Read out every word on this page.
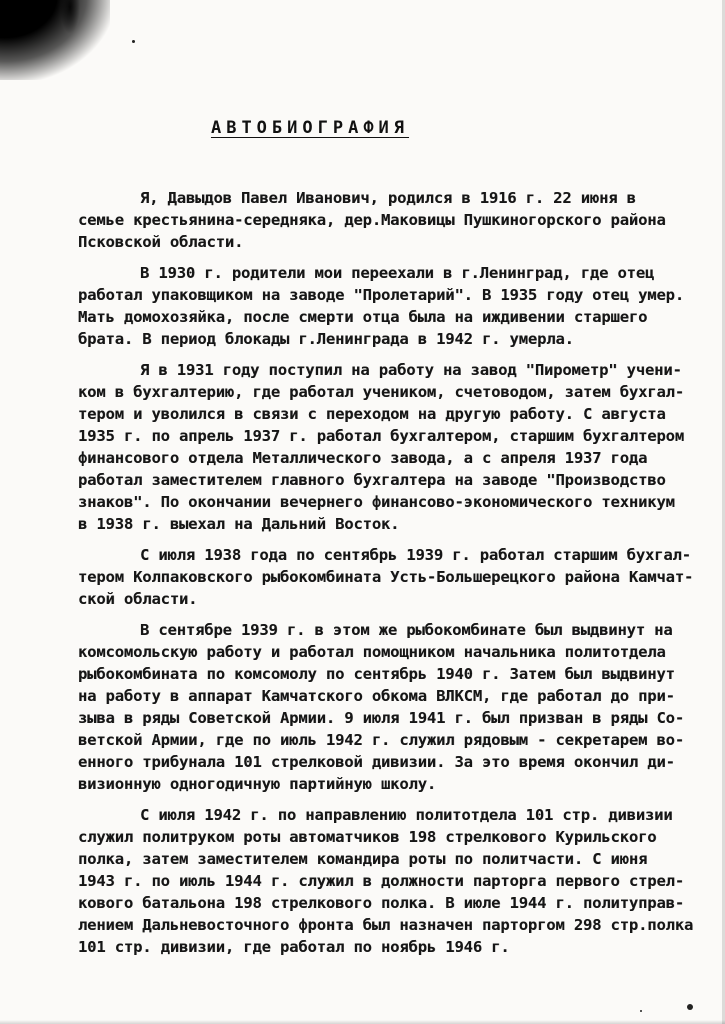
АВТОБИОГРАФИЯ
Я, Давыдов Павел Иванович, родился в 1916 г. 22 июня в
семье крестьянина-середняка, дер.Маковицы Пушкиногорского района
Псковской области.
В 1930 г. родители мои переехали в г.Ленинград, где отец
работал упаковщиком на заводе "Пролетарий". В 1935 году отец умер.
Мать домохозяйка, после смерти отца была на иждивении старшего
брата. В период блокады г.Ленинграда в 1942 г. умерла.
Я в 1931 году поступил на работу на завод "Пирометр" учени-
ком в бухгалтерию, где работал учеником, счетоводом, затем бухгал-
тером и уволился в связи с переходом на другую работу. С августа
1935 г. по апрель 1937 г. работал бухгалтером, старшим бухгалтером
финансового отдела Металлического завода, а с апреля 1937 года
работал заместителем главного бухгалтера на заводе "Производство
знаков". По окончании вечернего финансово-экономического техникум
в 1938 г. выехал на Дальний Восток.
С июля 1938 года по сентябрь 1939 г. работал старшим бухгал-
тером Колпаковского рыбокомбината Усть-Большерецкого района Камчат-
ской области.
В сентябре 1939 г. в этом же рыбокомбинате был выдвинут на
комсомольскую работу и работал помощником начальника политотдела
рыбокомбината по комсомолу по сентябрь 1940 г. Затем был выдвинут
на работу в аппарат Камчатского обкома ВЛКСМ, где работал до при-
зыва в ряды Советской Армии. 9 июля 1941 г. был призван в ряды Со-
ветской Армии, где по июль 1942 г. служил рядовым - секретарем во-
енного трибунала 101 стрелковой дивизии. За это время окончил ди-
визионную одногодичную партийную школу.
С июля 1942 г. по направлению политотдела 101 стр. дивизии
служил политруком роты автоматчиков 198 стрелкового Курильского
полка, затем заместителем командира роты по политчасти. С июня
1943 г. по июль 1944 г. служил в должности парторга первого стрел-
кового батальона 198 стрелкового полка. В июле 1944 г. политуправ-
лением Дальневосточного фронта был назначен парторгом 298 стр.полка
101 стр. дивизии, где работал по ноябрь 1946 г.
